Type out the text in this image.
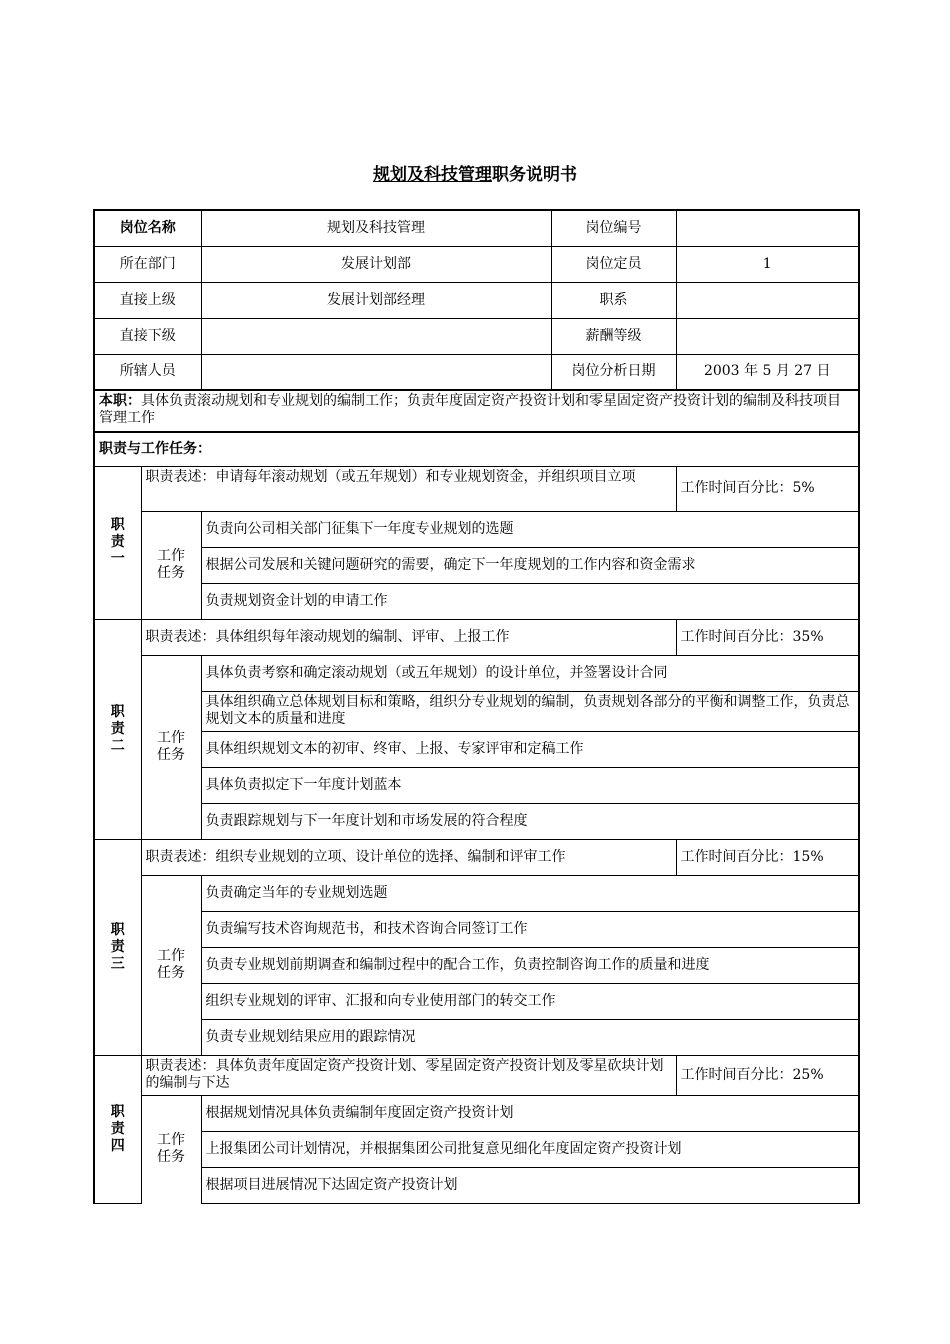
规划及科技管理职务说明书
岗位名称		规划及科技管理	岗位编号	
所在部门		发展计划部	岗位定员	1
直接上级		发展计划部经理	职系	
直接下级			薪酬等级	
所辖人员			岗位分析日期	2003 年 5 月 27 日
本职：具体负责滚动规划和专业规划的编制工作；负责年度固定资产投资计划和零星固定资产投资计划的编制及科技项目管理工作				
职责与工作任务：				
职责一	职责表述：申请每年滚动规划（或五年规划）和专业规划资金，并组织项目立项			工作时间百分比：5%
	工作任务	负责向公司相关部门征集下一年度专业规划的选题		
		根据公司发展和关键问题研究的需要，确定下一年度规划的工作内容和资金需求		
		负责规划资金计划的申请工作		
职责二	职责表述：具体组织每年滚动规划的编制、评审、上报工作			工作时间百分比：35%
	工作任务	具体负责考察和确定滚动规划（或五年规划）的设计单位，并签署设计合同		
		具体组织确立总体规划目标和策略，组织分专业规划的编制，负责规划各部分的平衡和调整工作，负责总规划文本的质量和进度		
		具体组织规划文本的初审、终审、上报、专家评审和定稿工作		
		具体负责拟定下一年度计划蓝本		
		负责跟踪规划与下一年度计划和市场发展的符合程度		
职责三	职责表述：组织专业规划的立项、设计单位的选择、编制和评审工作			工作时间百分比：15%
	工作任务	负责确定当年的专业规划选题		
		负责编写技术咨询规范书，和技术咨询合同签订工作		
		负责专业规划前期调查和编制过程中的配合工作，负责控制咨询工作的质量和进度		
		组织专业规划的评审、汇报和向专业使用部门的转交工作		
		负责专业规划结果应用的跟踪情况		
职责四	职责表述：具体负责年度固定资产投资计划、零星固定资产投资计划及零星砍块计划的编制与下达			工作时间百分比：25%
	工作任务	根据规划情况具体负责编制年度固定资产投资计划		
		上报集团公司计划情况，并根据集团公司批复意见细化年度固定资产投资计划		
		根据项目进展情况下达固定资产投资计划		
